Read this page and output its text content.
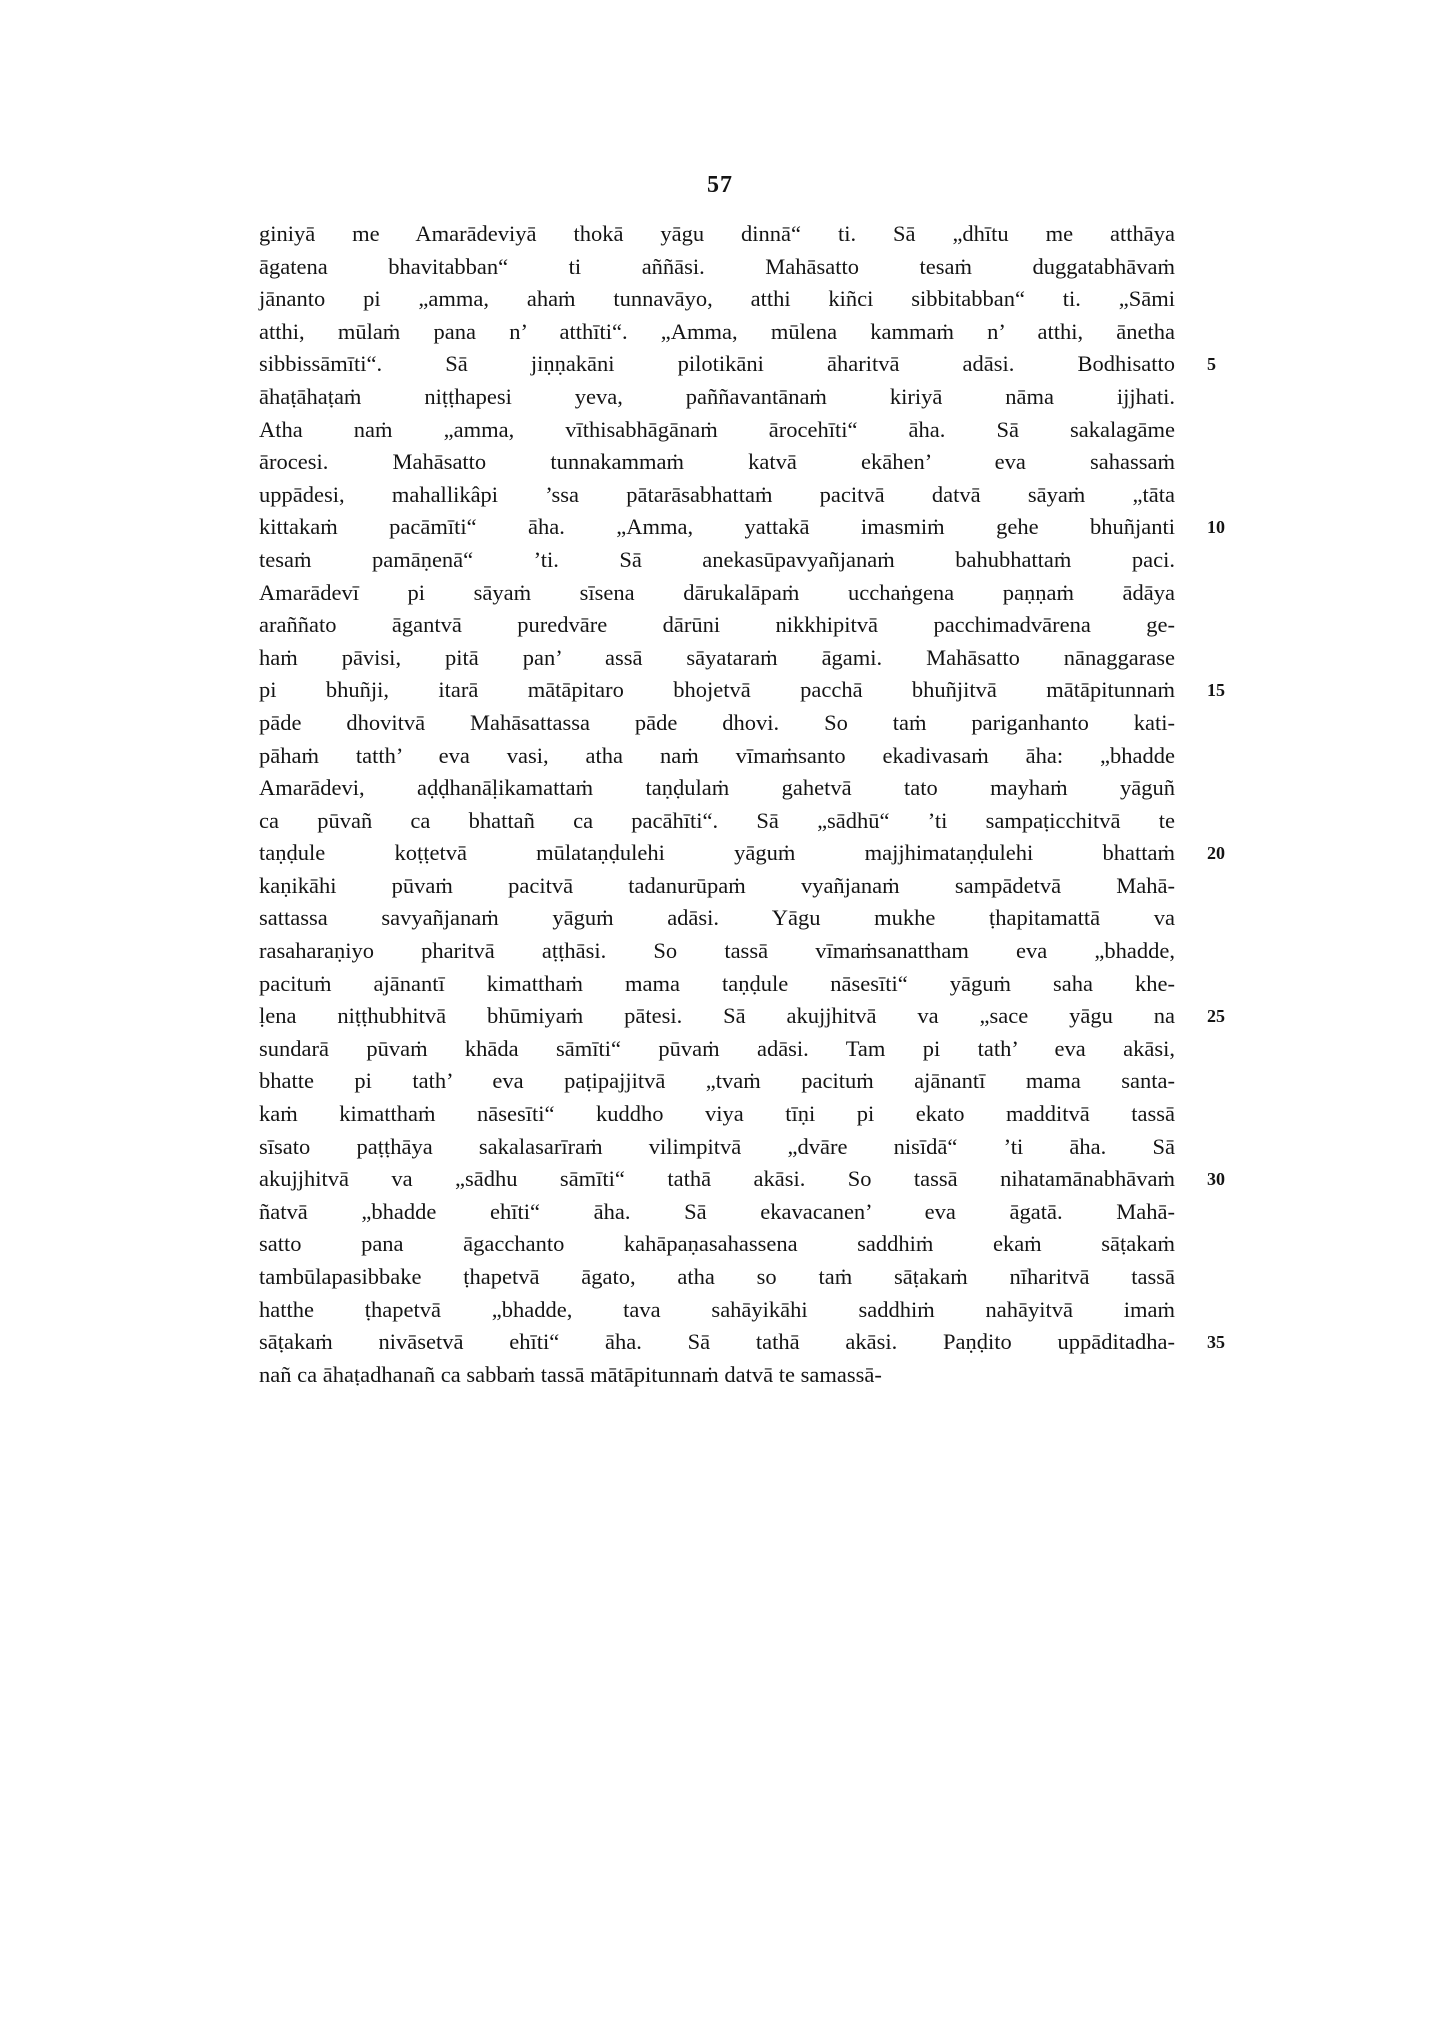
57
giniyā me Amarādeviyā thokā yāgu dinnā“ ti. Sā „dhītu me atthāya
āgatena bhavitabban“ ti aññāsi. Mahāsatto tesaṁ duggatabhāvaṁ
jānanto pi „amma, ahaṁ tunnavāyo, atthi kiñci sibbitabban“ ti. „Sāmi
atthi, mūlaṁ pana n’ atthīti“. „Amma, mūlena kammaṁ n’ atthi, ānetha
sibbissāmīti“. Sā jiṇṇakāni pilotikāni āharitvā adāsi. Bodhisatto 5
āhaṭāhaṭaṁ niṭṭhapesi yeva, paññavantānaṁ kiriyā nāma ijjhati.
Atha naṁ „amma, vīthisabhāgānaṁ ārocehīti“ āha. Sā sakalagāme
ārocesi. Mahāsatto tunnakammaṁ katvā ekāhen’ eva sahassaṁ
uppādesi, mahallikâpi ’ssa pātarāsabhattaṁ pacitvā datvā sāyaṁ „tāta
kittakaṁ pacāmīti“ āha. „Amma, yattakā imasmiṁ gehe bhuñjanti 10
tesaṁ pamāṇenā“ ’ti. Sā anekasūpavyañjanaṁ bahubhattaṁ paci.
Amarādevī pi sāyaṁ sīsena dārukalāpaṁ ucchaṅgena paṇṇaṁ ādāya
araññato āgantvā puredvāre dārūni nikkhipitvā pacchimadvārena ge-
haṁ pāvisi, pitā pan’ assā sāyataraṁ āgami. Mahāsatto nānaggarase
pi bhuñji, itarā mātāpitaro bhojetvā pacchā bhuñjitvā mātāpitunnaṁ 15
pāde dhovitvā Mahāsattassa pāde dhovi. So taṁ pariganhanto kati-
pāhaṁ tatth’ eva vasi, atha naṁ vīmaṁsanto ekadivasaṁ āha: „bhadde
Amarādevi, aḍḍhanāḷikamattaṁ taṇḍulaṁ gahetvā tato mayhaṁ yāguñ
ca pūvañ ca bhattañ ca pacāhīti“. Sā „sādhū“ ’ti sampaṭicchitvā te
taṇḍule koṭṭetvā mūlataṇḍulehi yāguṁ majjhimataṇḍulehi bhattaṁ 20
kaṇikāhi pūvaṁ pacitvā tadanurūpaṁ vyañjanaṁ sampādetvā Mahā-
sattassa savyañjanaṁ yāguṁ adāsi. Yāgu mukhe ṭhapitamattā va
rasaharaṇiyo pharitvā aṭṭhāsi. So tassā vīmaṁsanattham eva „bhadde,
pacituṁ ajānantī kimatthaṁ mama taṇḍule nāsesīti“ yāguṁ saha khe-
ḷena niṭṭhubhitvā bhūmiyaṁ pātesi. Sā akujjhitvā va „sace yāgu na 25
sundarā pūvaṁ khāda sāmīti“ pūvaṁ adāsi. Tam pi tath’ eva akāsi,
bhatte pi tath’ eva paṭipajjitvā „tvaṁ pacituṁ ajānantī mama santa-
kaṁ kimatthaṁ nāsesīti“ kuddho viya tīṇi pi ekato madditvā tassā
sīsato paṭṭhāya sakalasarīraṁ vilimpitvā „dvāre nisīdā“ ’ti āha. Sā
akujjhitvā va „sādhu sāmīti“ tathā akāsi. So tassā nihatamānabhāvaṁ 30
ñatvā „bhadde ehīti“ āha. Sā ekavacanen’ eva āgatā. Mahā-
satto pana āgacchanto kahāpaṇasahassena saddhiṁ ekaṁ sāṭakaṁ
tambūlapasibbake ṭhapetvā āgato, atha so taṁ sāṭakaṁ nīharitvā tassā
hatthe ṭhapetvā „bhadde, tava sahāyikāhi saddhiṁ nahāyitvā imaṁ
sāṭakaṁ nivāsetvā ehīti“ āha. Sā tathā akāsi. Paṇḍito uppāditadha- 35
nañ ca āhaṭadhanañ ca sabbaṁ tassā mātāpitunnaṁ datvā te samassā-
